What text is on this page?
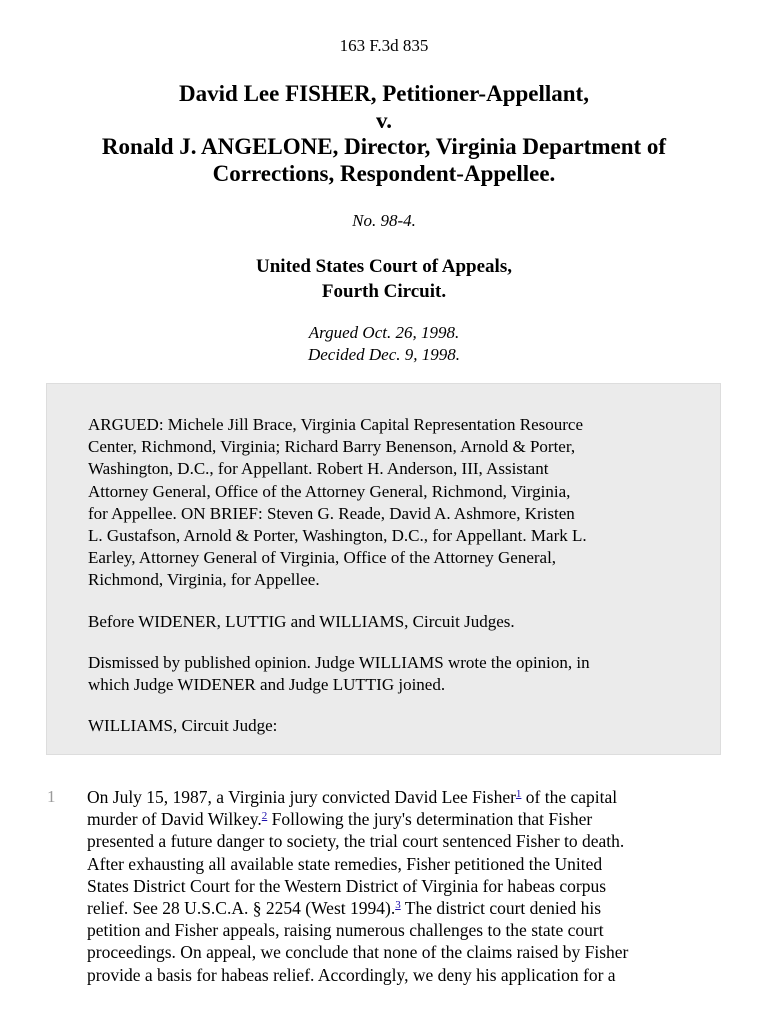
163 F.3d 835
David Lee FISHER, Petitioner-Appellant,
v.
Ronald J. ANGELONE, Director, Virginia Department of
Corrections, Respondent-Appellee.
No. 98-4.
United States Court of Appeals,
Fourth Circuit.
Argued Oct. 26, 1998.
Decided Dec. 9, 1998.

ARGUED: Michele Jill Brace, Virginia Capital Representation Resource
Center, Richmond, Virginia; Richard Barry Benenson, Arnold & Porter,
Washington, D.C., for Appellant. Robert H. Anderson, III, Assistant
Attorney General, Office of the Attorney General, Richmond, Virginia,
for Appellee. ON BRIEF: Steven G. Reade, David A. Ashmore, Kristen
L. Gustafson, Arnold & Porter, Washington, D.C., for Appellant. Mark L.
Earley, Attorney General of Virginia, Office of the Attorney General,
Richmond, Virginia, for Appellee.

Before WIDENER, LUTTIG and WILLIAMS, Circuit Judges.

Dismissed by published opinion. Judge WILLIAMS wrote the opinion, in
which Judge WIDENER and Judge LUTTIG joined.

WILLIAMS, Circuit Judge:

1 On July 15, 1987, a Virginia jury convicted David Lee Fisher$^1$ of the capital
murder of David Wilkey.$^2$ Following the jury's determination that Fisher
presented a future danger to society, the trial court sentenced Fisher to death.
After exhausting all available state remedies, Fisher petitioned the United
States District Court for the Western District of Virginia for habeas corpus
relief. See 28 U.S.C.A. § 2254 (West 1994).$^3$ The district court denied his
petition and Fisher appeals, raising numerous challenges to the state court
proceedings. On appeal, we conclude that none of the claims raised by Fisher
provide a basis for habeas relief. Accordingly, we deny his application for a
